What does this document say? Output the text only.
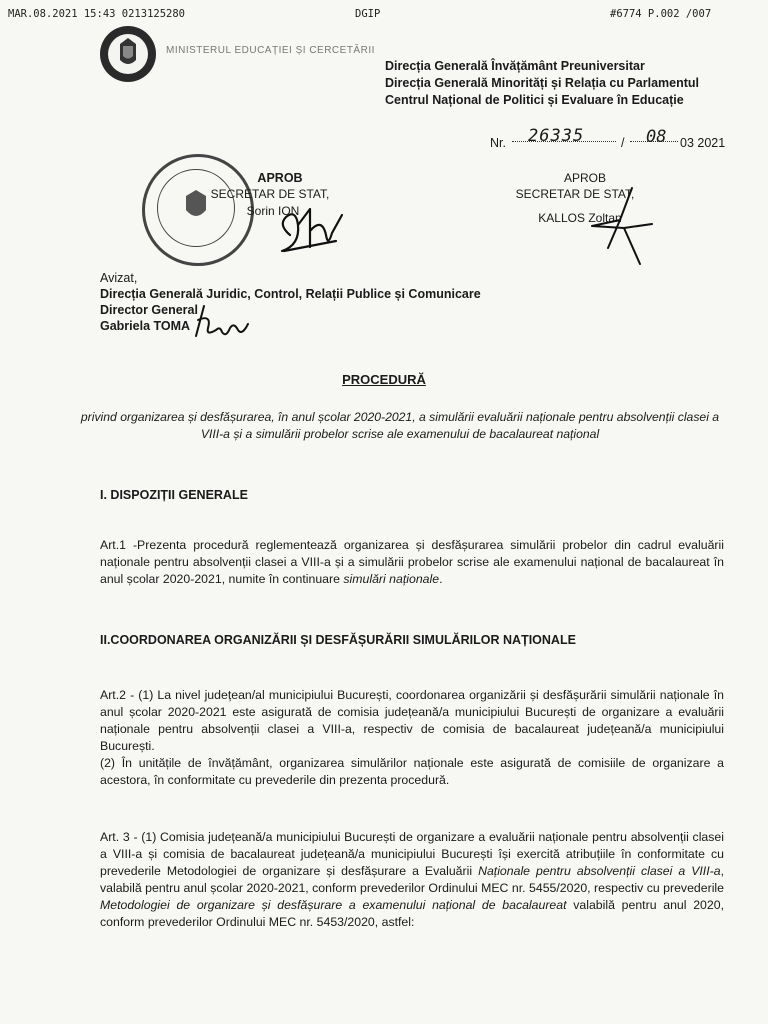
MAR.08.2021 15:43 0213125280	DGIP	#6774 P.002 /007
MINISTERUL EDUCAȚIEI ȘI CERCETĂRII
Direcția Generală Învățământ Preuniversitar
Direcția Generală Minorități și Relația cu Parlamentul
Centrul Național de Politici și Evaluare în Educație
Nr. 26335	/ 08 03 2021
APROB
SECRETAR DE STAT,
Sorin ION
APROB
SECRETAR DE STAT,
KALLOS Zoltan
Avizat,
Direcția Generală Juridic, Control, Relații Publice și Comunicare
Director General
Gabriela TOMA
PROCEDURĂ
privind organizarea și desfășurarea, în anul școlar 2020-2021, a simulării evaluării naționale pentru absolvenții clasei a VIII-a și a simulării probelor scrise ale examenului de bacalaureat național
I. DISPOZIȚII GENERALE

Art.1 -Prezenta procedură reglementează organizarea și desfășurarea simulării probelor din cadrul evaluării naționale pentru absolvenții clasei a VIII-a și a simulării probelor scrise ale examenului național de bacalaureat în anul școlar 2020-2021, numite în continuare simulări naționale.

II.COORDONAREA ORGANIZĂRII ȘI DESFĂȘURĂRII SIMULĂRILOR NAȚIONALE

Art.2 - (1) La nivel județean/al municipiului București, coordonarea organizării și desfășurării simulării naționale în anul școlar 2020-2021 este asigurată de comisia județeană/a municipiului București de organizare a evaluării naționale pentru absolvenții clasei a VIII-a, respectiv de comisia de bacalaureat județeană/a municipiului București.

(2) În unitățile de învățământ, organizarea simulărilor naționale este asigurată de comisiile de organizare a acestora, în conformitate cu prevederile din prezenta procedură.

Art. 3 - (1) Comisia județeană/a municipiului București de organizare a evaluării naționale pentru absolvenții clasei a VIII-a și comisia de bacalaureat județeană/a municipiului București își exercită atribuțiile în conformitate cu prevederile Metodologiei de organizare și desfășurare a Evaluării Naționale pentru absolvenții clasei a VIII-a, valabilă pentru anul școlar 2020-2021, conform prevederilor Ordinului MEC nr. 5455/2020, respectiv cu prevederile Metodologiei de organizare și desfășurare a examenului național de bacalaureat valabilă pentru anul 2020, conform prevederilor Ordinului MEC nr. 5453/2020, astfel:
